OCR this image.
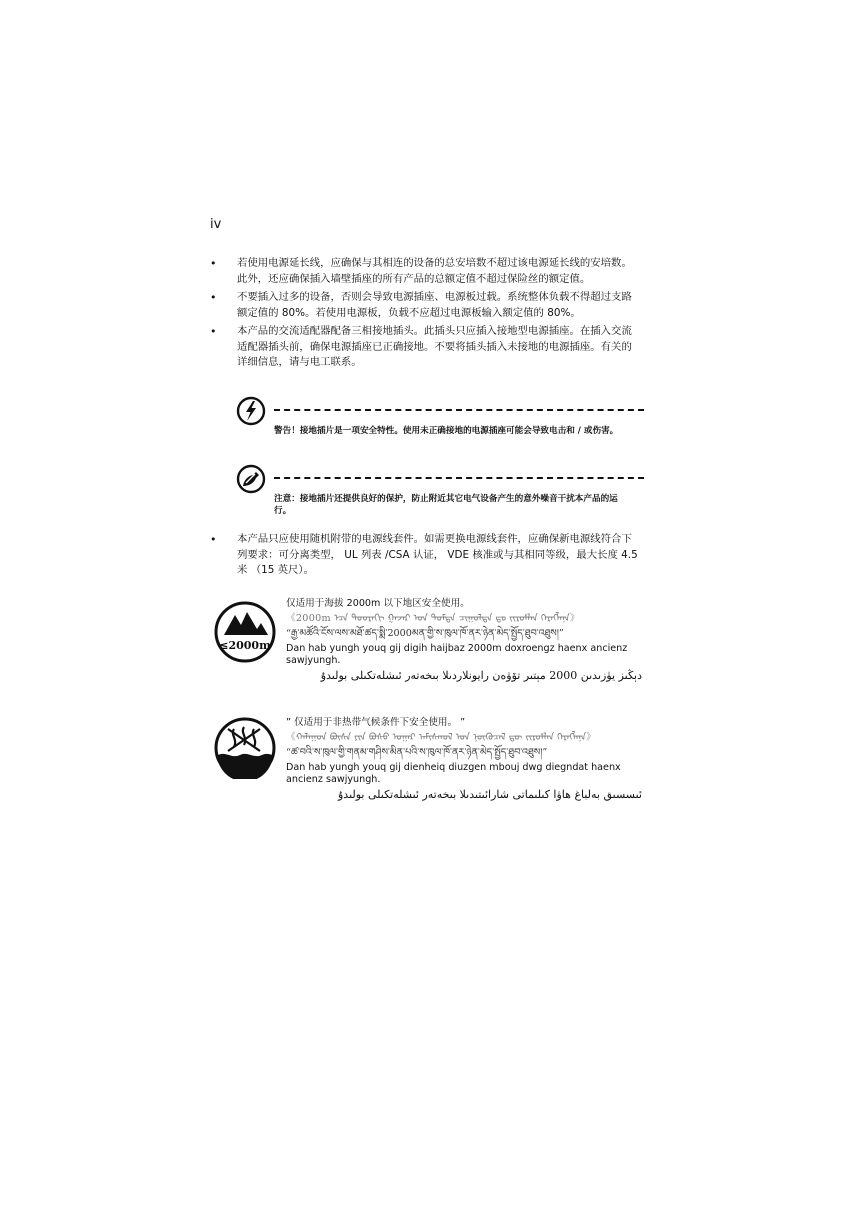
iv
• 若使用电源延长线，应确保与其相连的设备的总安培数不超过该电源延长线的安培数。此外，还应确保插入墙壁插座的所有产品的总额定值不超过保险丝的额定值。
• 不要插入过多的设备，否则会导致电源插座、电源板过载。系统整体负载不得超过支路额定值的 80%。若使用电源板，负载不应超过电源板输入额定值的 80%。
• 本产品的交流适配器配备三相接地插头。此插头只应插入接地型电源插座。在插入交流适配器插头前，确保电源插座已正确接地。不要将插头插入未接地的电源插座。有关的详细信息，请与电工联系。
警告！接地插片是一项安全特性。使用未正确接地的电源插座可能会导致电击和 / 或伤害。
注意：接地插片还提供良好的保护，防止附近其它电气设备产生的意外噪音干扰本产品的运行。
• 本产品只应使用随机附带的电源线套件。如需更换电源线套件，应确保新电源线符合下列要求：可分离类型， UL 列表 /CSA 认证， VDE 核准或与其相同等级，最大长度 4.5 米 （15 英尺）。
≤2000m
仅适用于海拔 2000m 以下地区安全使用。
《2000m ᠡᠴᠡ ᠳᠣᠣᠷᠠᠬᠢ ᠭᠠᠵᠠᠷ ᠤᠨ ᠳᠤᠮᠳᠠ ᠴᠢᠭᠤᠯᠳᠠ ᠳᠤ ᠵᠢᠷᠤᠮᠯᠠᠨ ᠬᠡᠷᠡᠭᠯᠡᠨᠡ》
“རྒྱ་མཚོའི་ངོས་ལས་མཐོ་ཚད་སྨི་2000མན་གྱི་ས་ཁུལ་ཁོ་ནར་ཉེན་མེད་སྤྱོད་ཐུབ་འཐུས།”
Dan hab yungh youq gij digih haijbaz 2000m doxroengz haenx ancienz sawjyungh.
دېڭىز يۈزىدىن 2000 مېتىر تۆۋەن رايونلاردىلا بىخەتەر ئىشلەتكىلى بولىدۇ
” 仅适用于非热带气候条件下安全使用。 ”
《ᠬᠠᠯᠠᠭᠤᠨ ᠪᠦᠰᠡ ᠶᠢᠨ ᠪᠤᠰᠤ ᠤᠭᠠᠷ ᠠᠮᠢᠰᠬᠤᠯ ᠤᠨ ᠨᠥᠬᠦᠴᠡᠯ ᠳᠦ ᠵᠢᠷᠤᠮᠯᠠᠨ ᠬᠡᠷᠡᠭᠯᠡᠨᠡ》
“ཚ་བའི་ས་ཁུལ་གྱི་གནམ་གཤིས་མིན་པའི་ས་ཁུལ་ཁོ་ནར་ཉེན་མེད་སྤྱོད་ཐུབ་འཐུས།”
Dan hab yungh youq gij dienheiq diuzgen mbouj dwg diegndat haenx ancienz sawjyungh.
ئىسسىق بەلباغ ھاۋا كىلىماتى شارائىتىدىلا بىخەتەر ئىشلەتكىلى بولىدۇ
